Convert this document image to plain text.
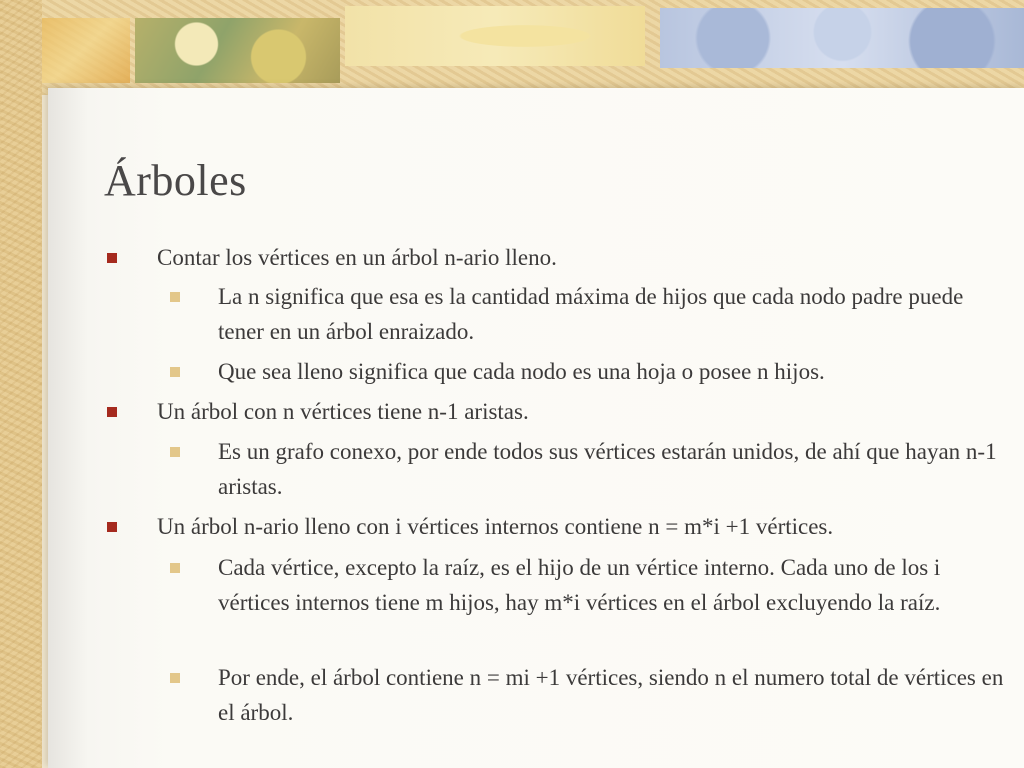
Árboles
Contar los vértices en un árbol n-ario lleno.
La n significa que esa es la cantidad máxima de hijos que cada nodo padre puede tener en un árbol enraizado.
Que sea lleno significa que cada nodo es una hoja o posee n hijos.
Un árbol con n vértices tiene n-1 aristas.
Es un grafo conexo, por ende todos sus vértices estarán unidos, de ahí que hayan n-1 aristas.
Un árbol n-ario lleno con i vértices internos contiene n = m*i +1 vértices.
Cada vértice, excepto la raíz, es el hijo de un vértice interno. Cada uno de los i vértices internos tiene m hijos, hay m*i vértices en el árbol excluyendo la raíz.
Por ende, el árbol contiene n = mi +1 vértices, siendo n el numero total de vértices en el árbol.
